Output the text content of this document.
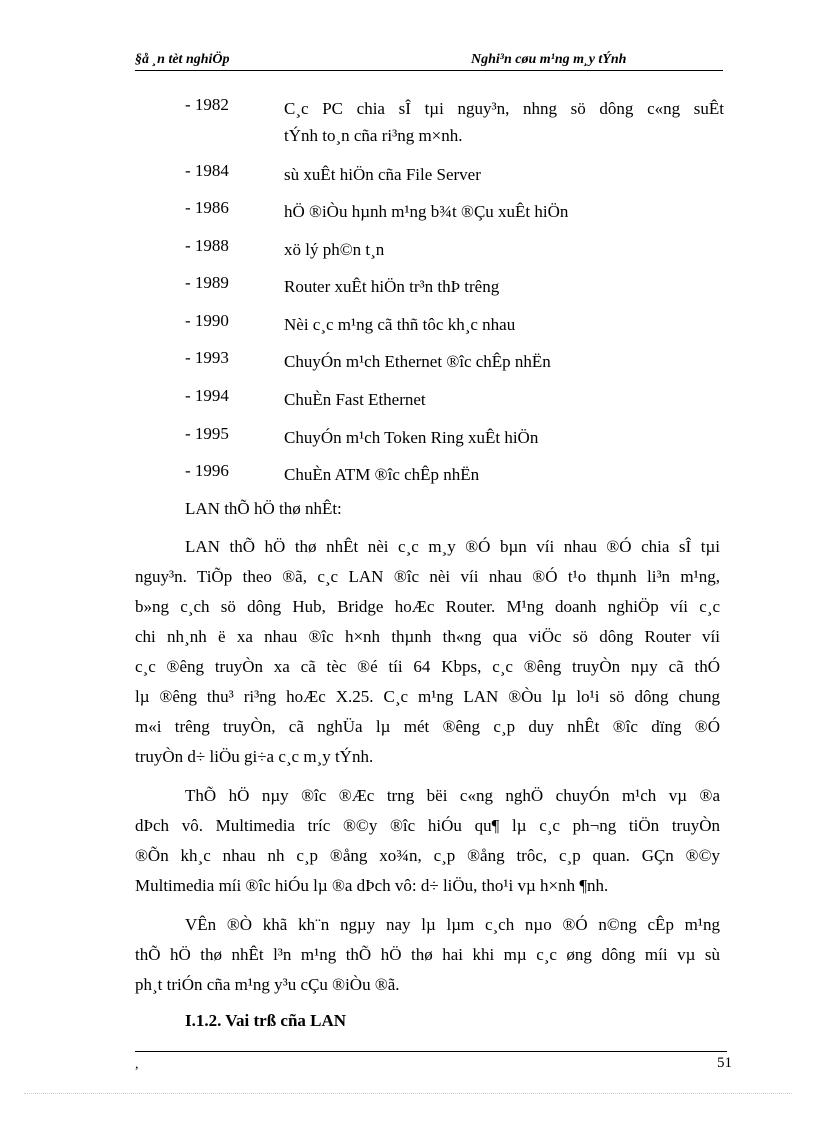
§å ¸n tèt nghiÖp	Nghi³n cøu m¹ng m¸y tÝnh
- 1982	C¸c PC chia sÎ tµi nguy³n, nhng sö dông c«ng suÊt
tÝnh to¸n cña ri³ng m×nh.
- 1984	sù xuÊt hiÖn cña File Server
- 1986	hÖ ®iÒu hµnh m¹ng b¾t ®Çu xuÊt hiÖn
- 1988	xö lý ph©n t¸n
- 1989	Router xuÊt hiÖn tr³n thÞ trêng
- 1990	Nèi c¸c m¹ng cã thñ tôc kh¸c nhau
- 1993	ChuyÓn m¹ch Ethernet ®îc chÊp nhËn
- 1994	ChuÈn Fast Ethernet
- 1995	ChuyÓn m¹ch Token Ring xuÊt hiÖn
- 1996	ChuÈn ATM ®îc chÊp nhËn
LAN thÕ hÖ thø nhÊt:
LAN thÕ hÖ thø nhÊt nèi c¸c m¸y ®Ó bµn víi nhau ®Ó chia sÎ tµi
nguy³n. TiÕp theo ®ã, c¸c LAN ®îc nèi víi nhau ®Ó t¹o thµnh li³n m¹ng,
b»ng c¸ch sö dông Hub, Bridge hoÆc Router. M¹ng doanh nghiÖp víi c¸c
chi nh¸nh ë xa nhau ®îc h×nh thµnh th«ng qua viÖc sö dông Router víi
c¸c ®êng truyÒn xa cã tèc ®é tíi 64 Kbps, c¸c ®êng truyÒn nµy cã thÓ
lµ ®êng thu³ ri³ng hoÆc X.25. C¸c m¹ng LAN ®Òu lµ lo¹i sö dông chung
m«i trêng truyÒn, cã nghÜa lµ mét ®êng c¸p duy nhÊt ®îc dïng ®Ó
truyÒn d÷ liÖu gi÷a c¸c m¸y tÝnh.
ThÕ hÖ nµy ®îc ®Æc trng bëi c«ng nghÖ chuyÓn m¹ch vµ ®a
dÞch vô. Multimedia tríc ®©y ®îc hiÓu qu¶ lµ c¸c ph¬ng tiÖn truyÒn
®Õn kh¸c nhau nh c¸p ®ång xo¾n, c¸p ®ång trôc, c¸p quan. GÇn ®©y
Multimedia míi ®îc hiÓu lµ ®a dÞch vô: d÷ liÖu, tho¹i vµ h×nh ¶nh.
VÊn ®Ò khã kh¨n ngµy nay lµ lµm c¸ch nµo ®Ó n©ng cÊp m¹ng
thÕ hÖ thø nhÊt l³n m¹ng thÕ hÖ thø hai khi mµ c¸c øng dông míi vµ sù
ph¸t triÓn cña m¹ng y³u cÇu ®iÒu ®ã.
I.1.2. Vai trß cña LAN
,	51
